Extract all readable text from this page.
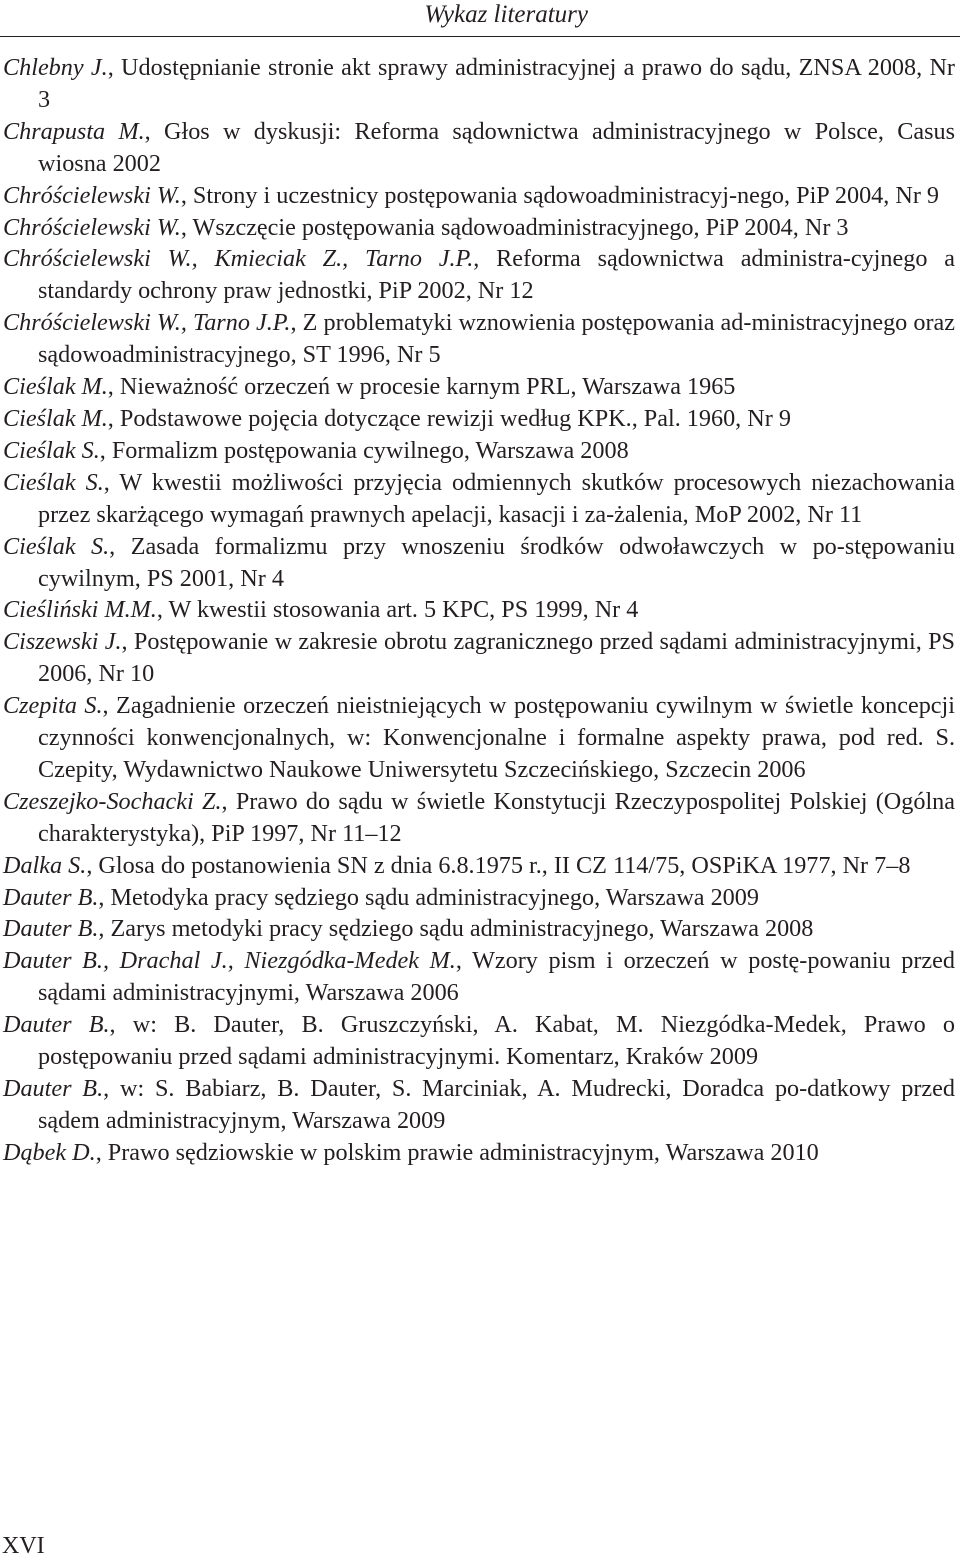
Wykaz literatury

Chlebny J., Udostępnianie stronie akt sprawy administracyjnej a prawo do sądu, ZNSA 2008, Nr 3

Chrapusta M., Głos w dyskusji: Reforma sądownictwa administracyjnego w Polsce, Casus wiosna 2002

Chróścielewski W., Strony i uczestnicy postępowania sądowoadministracyj-nego, PiP 2004, Nr 9

Chróścielewski W., Wszczęcie postępowania sądowoadministracyjnego, PiP 2004, Nr 3

Chróścielewski W., Kmieciak Z., Tarno J.P., Reforma sądownictwa administra-cyjnego a standardy ochrony praw jednostki, PiP 2002, Nr 12

Chróścielewski W., Tarno J.P., Z problematyki wznowienia postępowania ad-ministracyjnego oraz sądowoadministracyjnego, ST 1996, Nr 5

Cieślak M., Nieważność orzeczeń w procesie karnym PRL, Warszawa 1965

Cieślak M., Podstawowe pojęcia dotyczące rewizji według KPK., Pal. 1960, Nr 9

Cieślak S., Formalizm postępowania cywilnego, Warszawa 2008

Cieślak S., W kwestii możliwości przyjęcia odmiennych skutków procesowych niezachowania przez skarżącego wymagań prawnych apelacji, kasacji i za-żalenia, MoP 2002, Nr 11

Cieślak S., Zasada formalizmu przy wnoszeniu środków odwoławczych w po-stępowaniu cywilnym, PS 2001, Nr 4

Cieśliński M.M., W kwestii stosowania art. 5 KPC, PS 1999, Nr 4

Ciszewski J., Postępowanie w zakresie obrotu zagranicznego przed sądami administracyjnymi, PS 2006, Nr 10

Czepita S., Zagadnienie orzeczeń nieistniejących w postępowaniu cywilnym w świetle koncepcji czynności konwencjonalnych, w: Konwencjonalne i formalne aspekty prawa, pod red. S. Czepity, Wydawnictwo Naukowe Uniwersytetu Szczecińskiego, Szczecin 2006

Czeszejko-Sochacki Z., Prawo do sądu w świetle Konstytucji Rzeczypospolitej Polskiej (Ogólna charakterystyka), PiP 1997, Nr 11–12

Dalka S., Glosa do postanowienia SN z dnia 6.8.1975 r., II CZ 114/75, OSPiKA 1977, Nr 7–8

Dauter B., Metodyka pracy sędziego sądu administracyjnego, Warszawa 2009

Dauter B., Zarys metodyki pracy sędziego sądu administracyjnego, Warszawa 2008

Dauter B., Drachal J., Niezgódka-Medek M., Wzory pism i orzeczeń w postę-powaniu przed sądami administracyjnymi, Warszawa 2006

Dauter B., w: B. Dauter, B. Gruszczyński, A. Kabat, M. Niezgódka-Medek, Prawo o postępowaniu przed sądami administracyjnymi. Komentarz, Kraków 2009

Dauter B., w: S. Babiarz, B. Dauter, S. Marciniak, A. Mudrecki, Doradca po-datkowy przed sądem administracyjnym, Warszawa 2009

Dąbek D., Prawo sędziowskie w polskim prawie administracyjnym, Warszawa 2010

XVI
